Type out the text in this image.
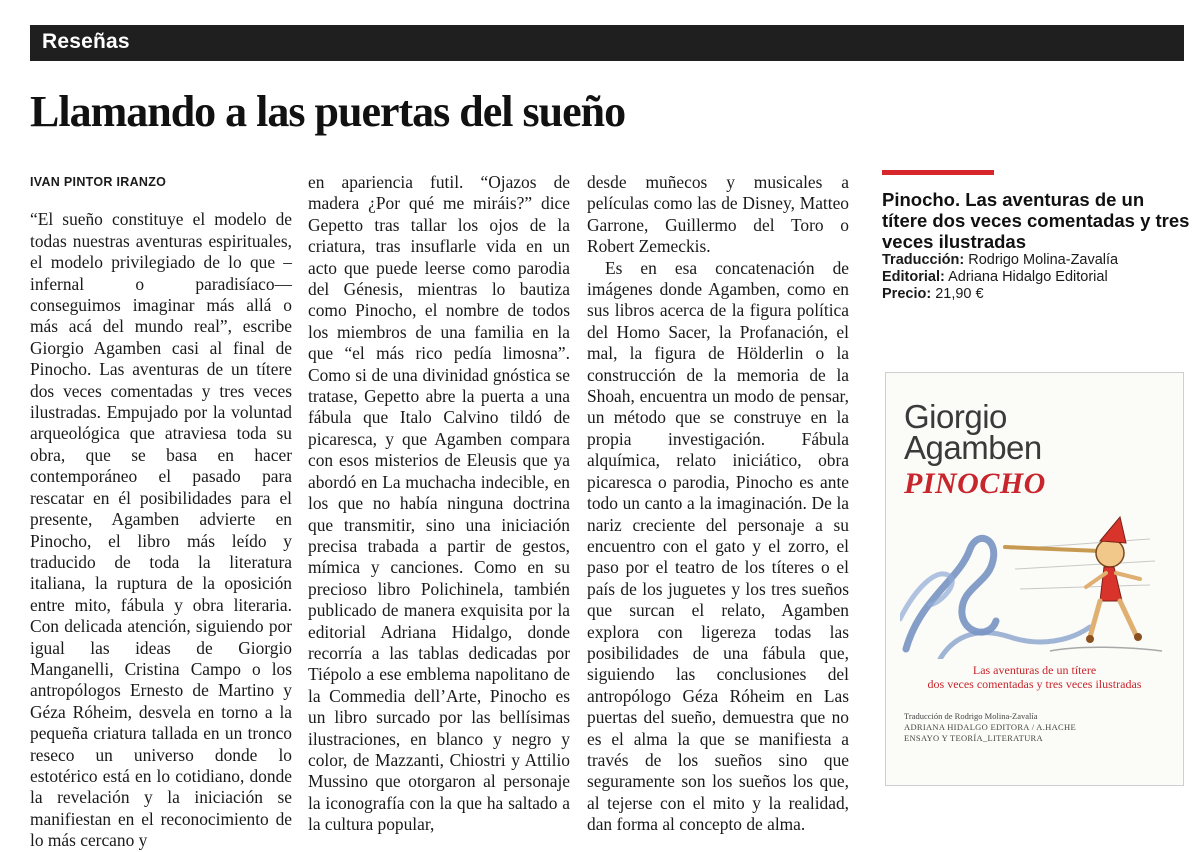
Reseñas
Llamando a las puertas del sueño
IVAN PINTOR IRANZO

“El sueño constituye el modelo de todas nuestras aventuras espirituales, el modelo privilegiado de lo que –infernal o paradisíaco— conseguimos imaginar más allá o más acá del mundo real”, escribe Giorgio Agamben casi al final de Pinocho. Las aventuras de un títere dos veces comentadas y tres veces ilustradas. Empujado por la voluntad arqueológica que atraviesa toda su obra, que se basa en hacer contemporáneo el pasado para rescatar en él posibilidades para el presente, Agamben advierte en Pinocho, el libro más leído y traducido de toda la literatura italiana, la ruptura de la oposición entre mito, fábula y obra literaria. Con delicada atención, siguiendo por igual las ideas de Giorgio Manganelli, Cristina Campo o los antropólogos Ernesto de Martino y Géza Róheim, desvela en torno a la pequeña criatura tallada en un tronco reseco un universo donde lo estotérico está en lo cotidiano, donde la revelación y la iniciación se manifiestan en el reconocimiento de lo más cercano y

en apariencia futil. “Ojazos de madera ¿Por qué me miráis?” dice Gepetto tras tallar los ojos de la criatura, tras insuflarle vida en un acto que puede leerse como parodia del Génesis, mientras lo bautiza como Pinocho, el nombre de todos los miembros de una familia en la que “el más rico pedía limosna”. Como si de una divinidad gnóstica se tratase, Gepetto abre la puerta a una fábula que Italo Calvino tildó de picaresca, y que Agamben compara con esos misterios de Eleusis que ya abordó en La muchacha indecible, en los que no había ninguna doctrina que transmitir, sino una iniciación precisa trabada a partir de gestos, mímica y canciones. Como en su precioso libro Polichinela, también publicado de manera exquisita por la editorial Adriana Hidalgo, donde recorría a las tablas dedicadas por Tiépolo a ese emblema napolitano de la Commedia dell’Arte, Pinocho es un libro surcado por las bellísimas ilustraciones, en blanco y negro y color, de Mazzanti, Chiostri y Attilio Mussino que otorgaron al personaje la iconografía con la que ha saltado a la cultura popular,

desde muñecos y musicales a películas como las de Disney, Matteo Garrone, Guillermo del Toro o Robert Zemeckis.

Es en esa concatenación de imágenes donde Agamben, como en sus libros acerca de la figura política del Homo Sacer, la Profanación, el mal, la figura de Hölderlin o la construcción de la memoria de la Shoah, encuentra un modo de pensar, un método que se construye en la propia investigación. Fábula alquímica, relato iniciático, obra picaresca o parodia, Pinocho es ante todo un canto a la imaginación. De la nariz creciente del personaje a su encuentro con el gato y el zorro, el paso por el teatro de los títeres o el país de los juguetes y los tres sueños que surcan el relato, Agamben explora con ligereza todas las posibilidades de una fábula que, siguiendo las conclusiones del antropólogo Géza Róheim en Las puertas del sueño, demuestra que no es el alma la que se manifiesta a través de los sueños sino que seguramente son los sueños los que, al tejerse con el mito y la realidad, dan forma al concepto de alma.

Pinocho. Las aventuras de un títere dos veces comentadas y tres veces ilustradas

Traducción: Rodrigo Molina-Zavalía

Editorial: Adriana Hidalgo Editorial

Precio: 21,90 €

Giorgio
Agamben
PINOCHO
Las aventuras de un títere
dos veces comentadas y tres veces ilustradas
Traducción de Rodrigo Molina-Zavalía
ADRIANA HIDALGO EDITORA / A.HACHE
ENSAYO Y TEORÍA_LITERATURA
